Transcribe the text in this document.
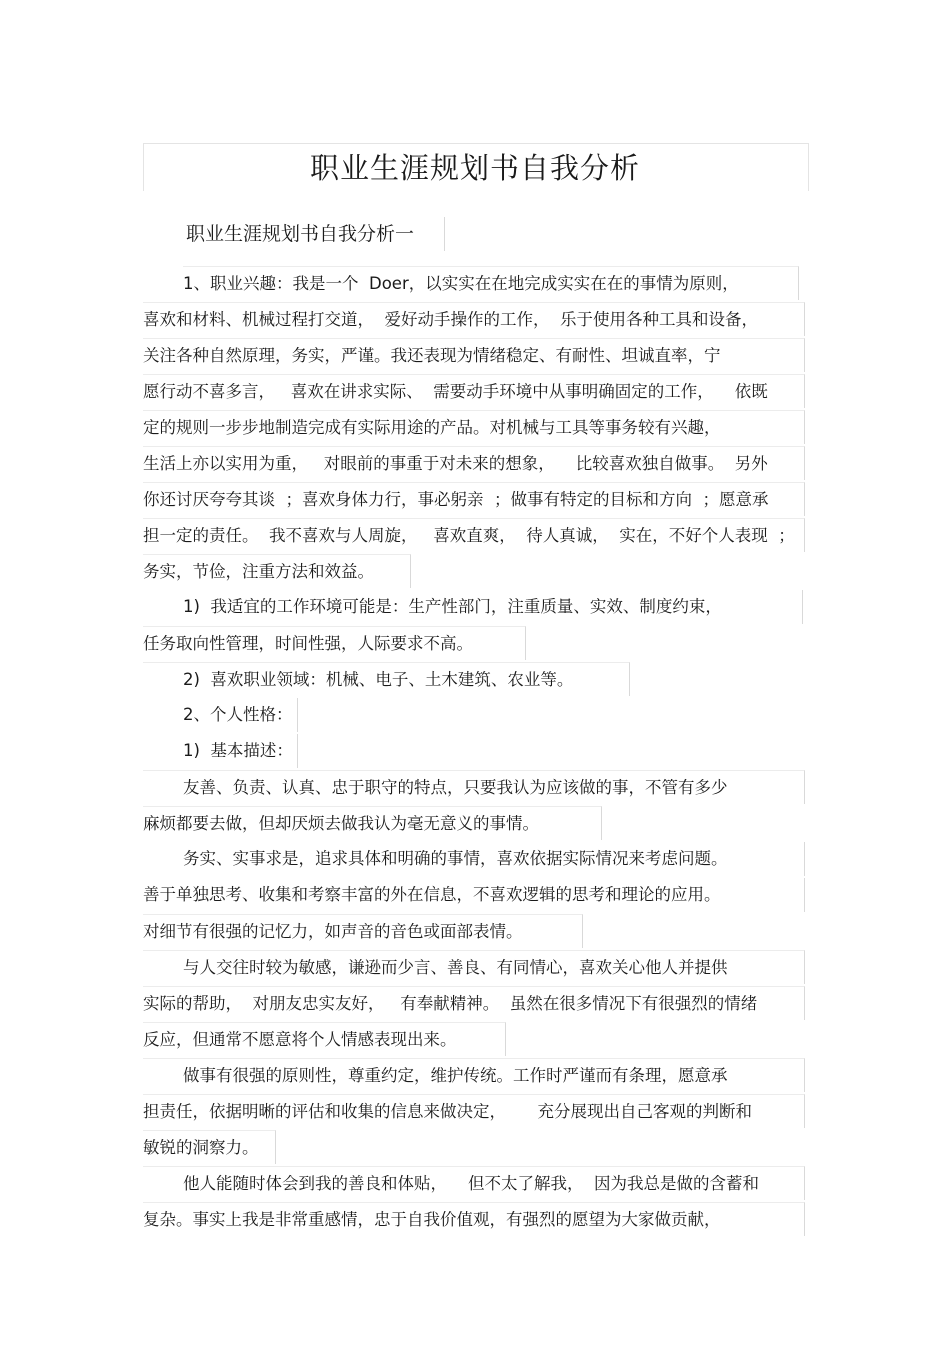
职业生涯规划书自我分析
职业生涯规划书自我分析一
1、职业兴趣：我是一个  Doer，以实实在在地完成实实在在的事情为原则，
喜欢和材料、机械过程打交道，  爱好动手操作的工作，  乐于使用各种工具和设备，
关注各种自然原理，务实，严谨。我还表现为情绪稳定、有耐性、坦诚直率，宁
愿行动不喜多言，   喜欢在讲求实际、  需要动手环境中从事明确固定的工作，    依既
定的规则一步步地制造完成有实际用途的产品。对机械与工具等事务较有兴趣，
生活上亦以实用为重，   对眼前的事重于对未来的想象，    比较喜欢独自做事。  另外
你还讨厌夸夸其谈  ；喜欢身体力行，事必躬亲  ；做事有特定的目标和方向  ；愿意承
担一定的责任。  我不喜欢与人周旋，   喜欢直爽，  待人真诚，  实在，不好个人表现  ；
务实，节俭，注重方法和效益。
1)  我适宜的工作环境可能是：生产性部门，注重质量、实效、制度约束，
任务取向性管理，时间性强，人际要求不高。
2)  喜欢职业领域：机械、电子、土木建筑、农业等。
2、个人性格：
1)  基本描述：
友善、负责、认真、忠于职守的特点，只要我认为应该做的事，不管有多少
麻烦都要去做，但却厌烦去做我认为毫无意义的事情。
务实、实事求是，追求具体和明确的事情，喜欢依据实际情况来考虑问题。
善于单独思考、收集和考察丰富的外在信息，不喜欢逻辑的思考和理论的应用。
对细节有很强的记忆力，如声音的音色或面部表情。
与人交往时较为敏感，谦逊而少言、善良、有同情心，喜欢关心他人并提供
实际的帮助，  对朋友忠实友好，   有奉献精神。  虽然在很多情况下有很强烈的情绪
反应，但通常不愿意将个人情感表现出来。
做事有很强的原则性，尊重约定，维护传统。工作时严谨而有条理，愿意承
担责任，依据明晰的评估和收集的信息来做决定，      充分展现出自己客观的判断和
敏锐的洞察力。
他人能随时体会到我的善良和体贴，    但不太了解我，  因为我总是做的含蓄和
复杂。事实上我是非常重感情，忠于自我价值观，有强烈的愿望为大家做贡献，
